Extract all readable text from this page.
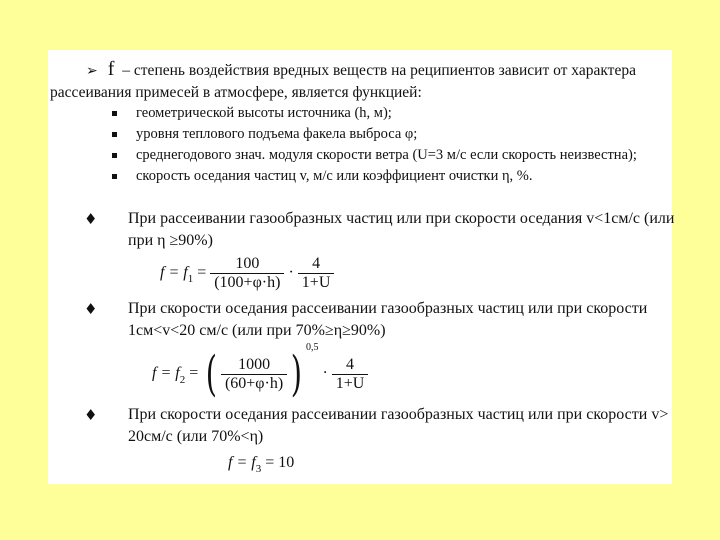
➢ f – степень воздействия вредных веществ на реципиентов зависит от характера
рассеивания примесей в атмосфере, является функцией:
геометрической высоты источника (h, м);
уровня теплового подъема факела выброса φ;
среднегодового знач. модуля скорости ветра (U=3 м/с если скорость неизвестна);
скорость оседания частиц v, м/с или коэффициент очистки η, %.
♦ При рассеивании газообразных частиц или при скорости оседания v<1см/с (или
при η ≥90%)
$f = f_1 = \frac{100}{(100+\varphi\cdot h)} \cdot \frac{4}{1+U}$
♦ При скорости оседания рассеивании газообразных частиц или при скорости
1см<v<20 см/с (или при 70%≥η≥90%)
$f = f_2$ = ( $\frac{1000}{(60+\varphi\cdot h)}$ ) $^{0,5} \cdot \frac{4}{1+U}$
♦ При скорости оседания рассеивании газообразных частиц или при скорости v>
20см/с (или 70%<η)
$f = f_3 = 10$
